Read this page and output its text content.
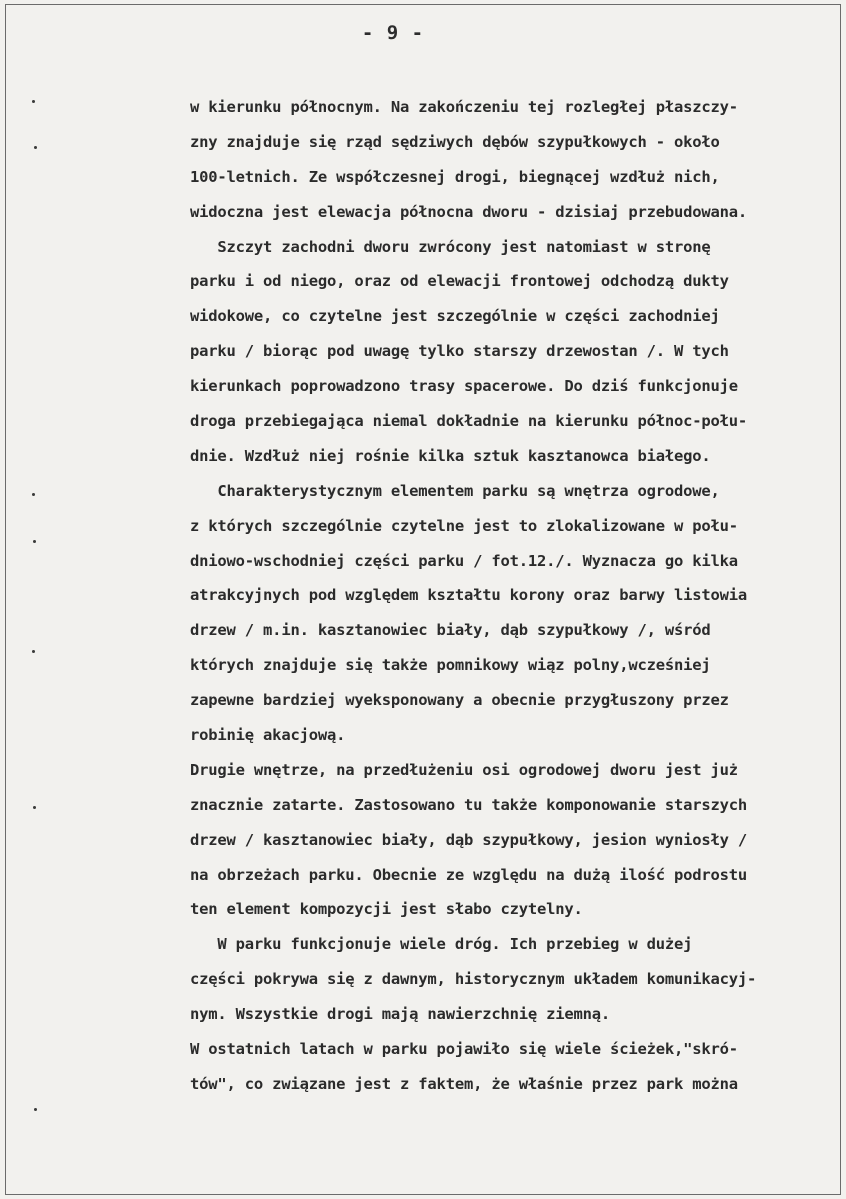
- 9 -
w kierunku północnym. Na zakończeniu tej rozległej płaszczy-
zny znajduje się rząd sędziwych dębów szypułkowych - około
100-letnich. Ze współczesnej drogi, biegnącej wzdłuż nich,
widoczna jest elewacja północna dworu - dzisiaj przebudowana.
Szczyt zachodni dworu zwrócony jest natomiast w stronę
parku i od niego, oraz od elewacji frontowej odchodzą dukty
widokowe, co czytelne jest szczególnie w części zachodniej
parku / biorąc pod uwagę tylko starszy drzewostan /. W tych
kierunkach poprowadzono trasy spacerowe. Do dziś funkcjonuje
droga przebiegająca niemal dokładnie na kierunku północ-połu-
dnie. Wzdłuż niej rośnie kilka sztuk kasztanowca białego.
Charakterystycznym elementem parku są wnętrza ogrodowe,
z których szczególnie czytelne jest to zlokalizowane w połu-
dniowo-wschodniej części parku / fot.12./. Wyznacza go kilka
atrakcyjnych pod względem kształtu korony oraz barwy listowia
drzew / m.in. kasztanowiec biały, dąb szypułkowy /, wśród
których znajduje się także pomnikowy wiąz polny,wcześniej
zapewne bardziej wyeksponowany a obecnie przygłuszony przez
robinię akacjową.
Drugie wnętrze, na przedłużeniu osi ogrodowej dworu jest już
znacznie zatarte. Zastosowano tu także komponowanie starszych
drzew / kasztanowiec biały, dąb szypułkowy, jesion wyniosły /
na obrzeżach parku. Obecnie ze względu na dużą ilość podrostu
ten element kompozycji jest słabo czytelny.
W parku funkcjonuje wiele dróg. Ich przebieg w dużej
części pokrywa się z dawnym, historycznym układem komunikacyj-
nym. Wszystkie drogi mają nawierzchnię ziemną.
W ostatnich latach w parku pojawiło się wiele ścieżek,"skró-
tów", co związane jest z faktem, że właśnie przez park można
